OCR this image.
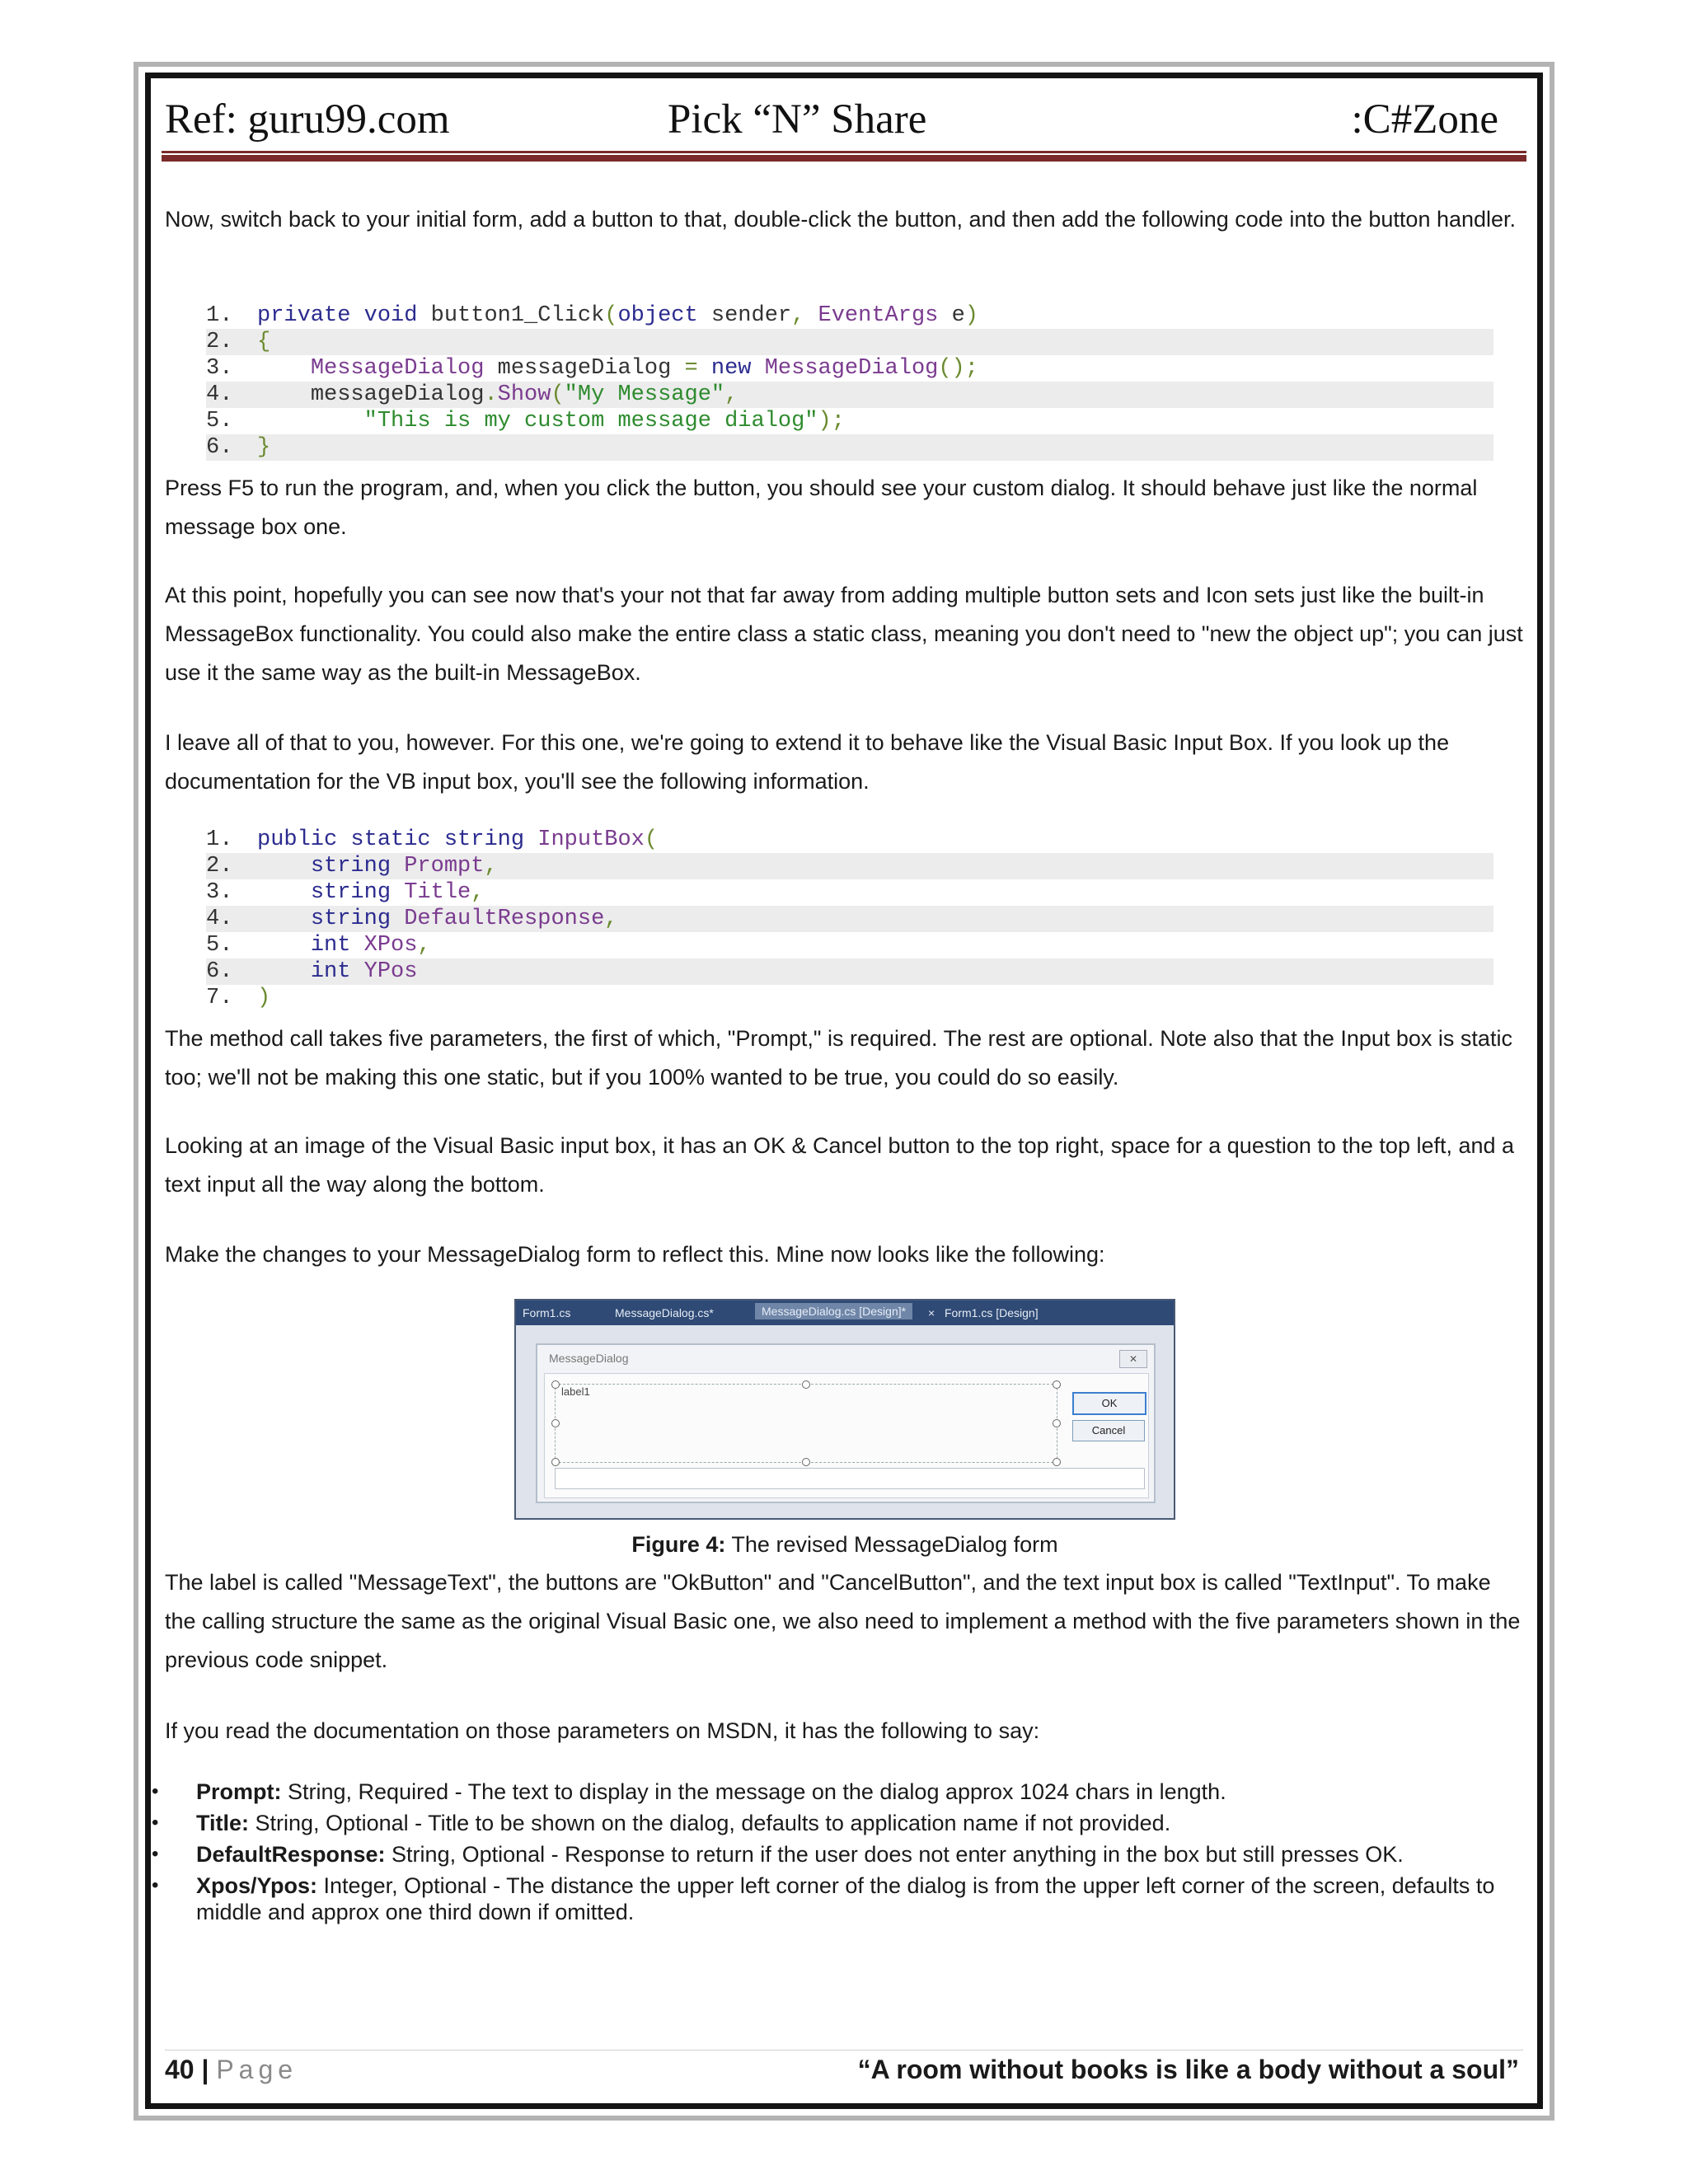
Ref: guru99.com	Pick “N” Share	:C#Zone

Now, switch back to your initial form, add a button to that, double-click the button, and then add the following code into the button handler.

1. private void button1_Click(object sender, EventArgs e)
2. {
3.	MessageDialog messageDialog = new MessageDialog();
4.	messageDialog.Show("My Message",
5.	"This is my custom message dialog");
6. }

Press F5 to run the program, and, when you click the button, you should see your custom dialog. It should behave just like the normal message box one.

At this point, hopefully you can see now that's your not that far away from adding multiple button sets and Icon sets just like the built-in MessageBox functionality. You could also make the entire class a static class, meaning you don't need to "new the object up"; you can just use it the same way as the built-in MessageBox.

I leave all of that to you, however. For this one, we're going to extend it to behave like the Visual Basic Input Box. If you look up the documentation for the VB input box, you'll see the following information.

1. public static string InputBox(
2.	string Prompt,
3.	string Title,
4.	string DefaultResponse,
5.	int XPos,
6.	int YPos
7. )

The method call takes five parameters, the first of which, "Prompt," is required. The rest are optional. Note also that the Input box is static too; we'll not be making this one static, but if you 100% wanted to be true, you could do so easily.

Looking at an image of the Visual Basic input box, it has an OK & Cancel button to the top right, space for a question to the top left, and a text input all the way along the bottom.

Make the changes to your MessageDialog form to reflect this. Mine now looks like the following:

Form1.cs	MessageDialog.cs*	MessageDialog.cs [Design]*	× Form1.cs [Design]
MessageDialog	✕
label1
OK
Cancel
Figure 4: The revised MessageDialog form

The label is called "MessageText", the buttons are "OkButton" and "CancelButton", and the text input box is called "TextInput". To make the calling structure the same as the original Visual Basic one, we also need to implement a method with the five parameters shown in the previous code snippet.

If you read the documentation on those parameters on MSDN, it has the following to say:

• Prompt: String, Required - The text to display in the message on the dialog approx 1024 chars in length.
• Title: String, Optional - Title to be shown on the dialog, defaults to application name if not provided.
• DefaultResponse: String, Optional - Response to return if the user does not enter anything in the box but still presses OK.
• Xpos/Ypos: Integer, Optional - The distance the upper left corner of the dialog is from the upper left corner of the screen, defaults to middle and approx one third down if omitted.
40 | Page	“A room without books is like a body without a soul”
